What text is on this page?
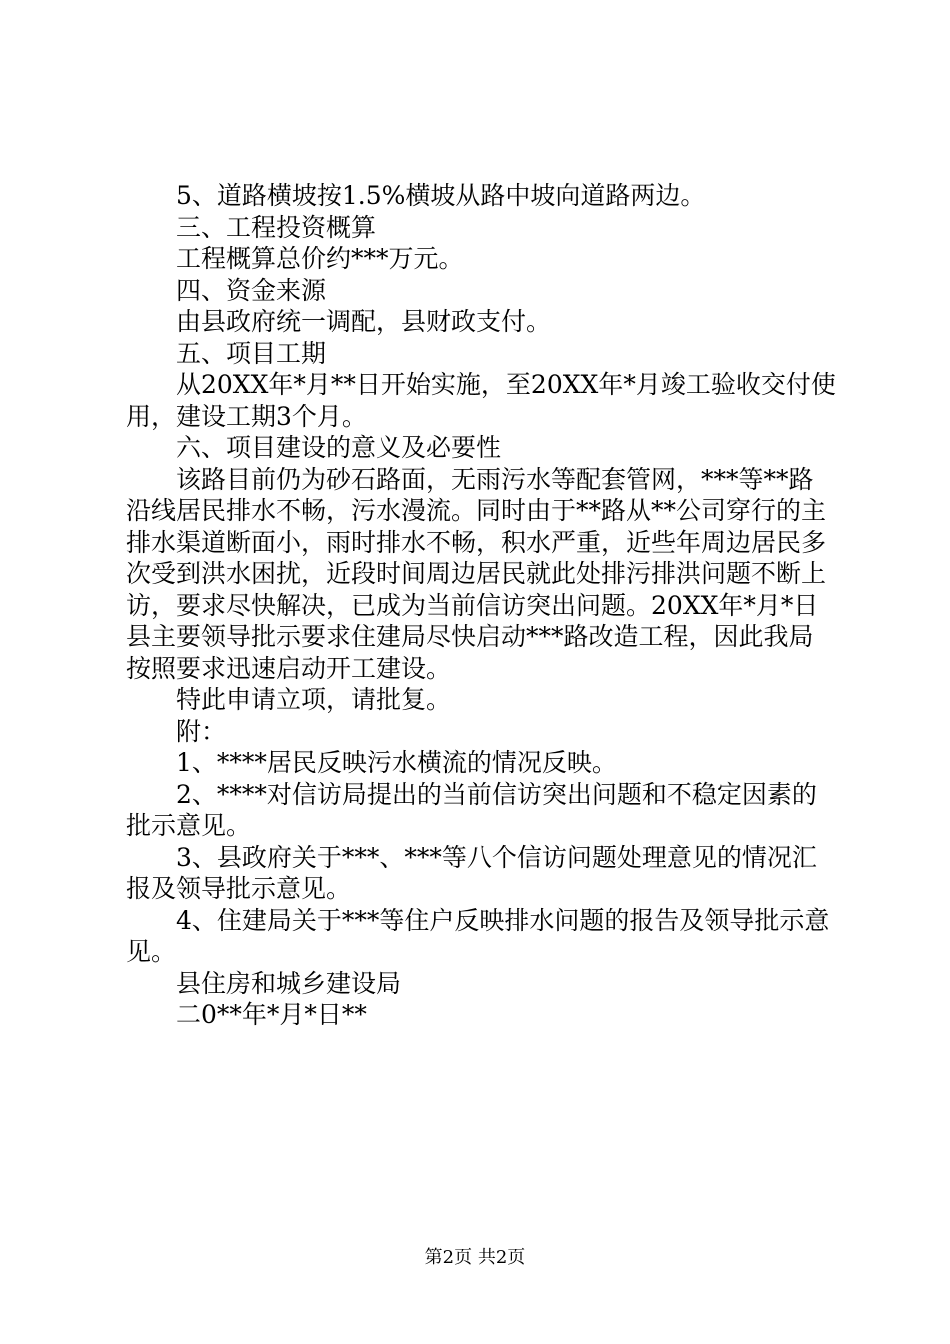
5、道路横坡按1.5%横坡从路中坡向道路两边。

三、工程投资概算

工程概算总价约***万元。

四、资金来源

由县政府统一调配，县财政支付。

五、项目工期

从20XX年*月**日开始实施，至20XX年*月竣工验收交付使用，建设工期3个月。

六、项目建设的意义及必要性

该路目前仍为砂石路面，无雨污水等配套管网，***等**路沿线居民排水不畅，污水漫流。同时由于**路从**公司穿行的主排水渠道断面小，雨时排水不畅，积水严重，近些年周边居民多次受到洪水困扰，近段时间周边居民就此处排污排洪问题不断上访，要求尽快解决，已成为当前信访突出问题。20XX年*月*日县主要领导批示要求住建局尽快启动***路改造工程，因此我局按照要求迅速启动开工建设。

特此申请立项，请批复。

附：

1、****居民反映污水横流的情况反映。

2、****对信访局提出的当前信访突出问题和不稳定因素的批示意见。

3、县政府关于***、***等八个信访问题处理意见的情况汇报及领导批示意见。

4、住建局关于***等住户反映排水问题的报告及领导批示意见。

县住房和城乡建设局

二0**年*月*日**

第2页 共2页
